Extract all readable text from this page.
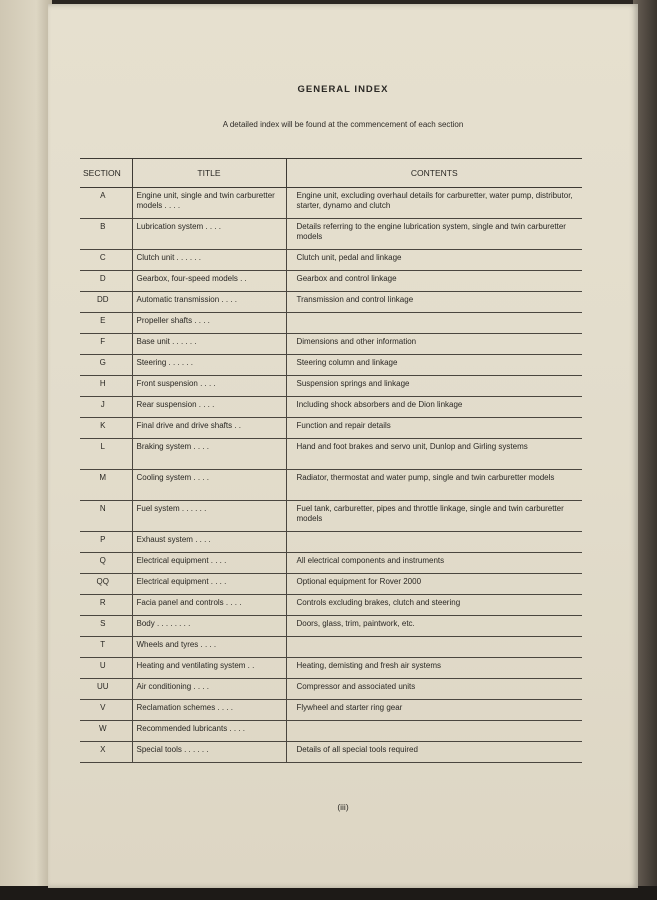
GENERAL INDEX
A detailed index will be found at the commencement of each section
SECTION	TITLE	CONTENTS
A	Engine unit, single and twin carburetter models . . . .	Engine unit, excluding overhaul details for carburetter, water pump, distributor, starter, dynamo and clutch
B	Lubrication system . . . .	Details referring to the engine lubrication system, single and twin carburetter models
C	Clutch unit . . . . . .	Clutch unit, pedal and linkage
D	Gearbox, four-speed models . .	Gearbox and control linkage
DD	Automatic transmission . . . .	Transmission and control linkage
E	Propeller shafts . . . .	
F	Base unit . . . . . .	Dimensions and other information
G	Steering . . . . . .	Steering column and linkage
H	Front suspension . . . .	Suspension springs and linkage
J	Rear suspension . . . .	Including shock absorbers and de Dion linkage
K	Final drive and drive shafts . .	Function and repair details
L	Braking system . . . .	Hand and foot brakes and servo unit, Dunlop and Girling systems
M	Cooling system . . . .	Radiator, thermostat and water pump, single and twin carburetter models
N	Fuel system . . . . . .	Fuel tank, carburetter, pipes and throttle linkage, single and twin carburetter models
P	Exhaust system . . . .	
Q	Electrical equipment . . . .	All electrical components and instruments
QQ	Electrical equipment . . . .	Optional equipment for Rover 2000
R	Facia panel and controls . . . .	Controls excluding brakes, clutch and steering
S	Body . . . . . . . .	Doors, glass, trim, paintwork, etc.
T	Wheels and tyres . . . .	
U	Heating and ventilating system . .	Heating, demisting and fresh air systems
UU	Air conditioning . . . .	Compressor and associated units
V	Reclamation schemes . . . .	Flywheel and starter ring gear
W	Recommended lubricants . . . .	
X	Special tools . . . . . .	Details of all special tools required
(iii)
